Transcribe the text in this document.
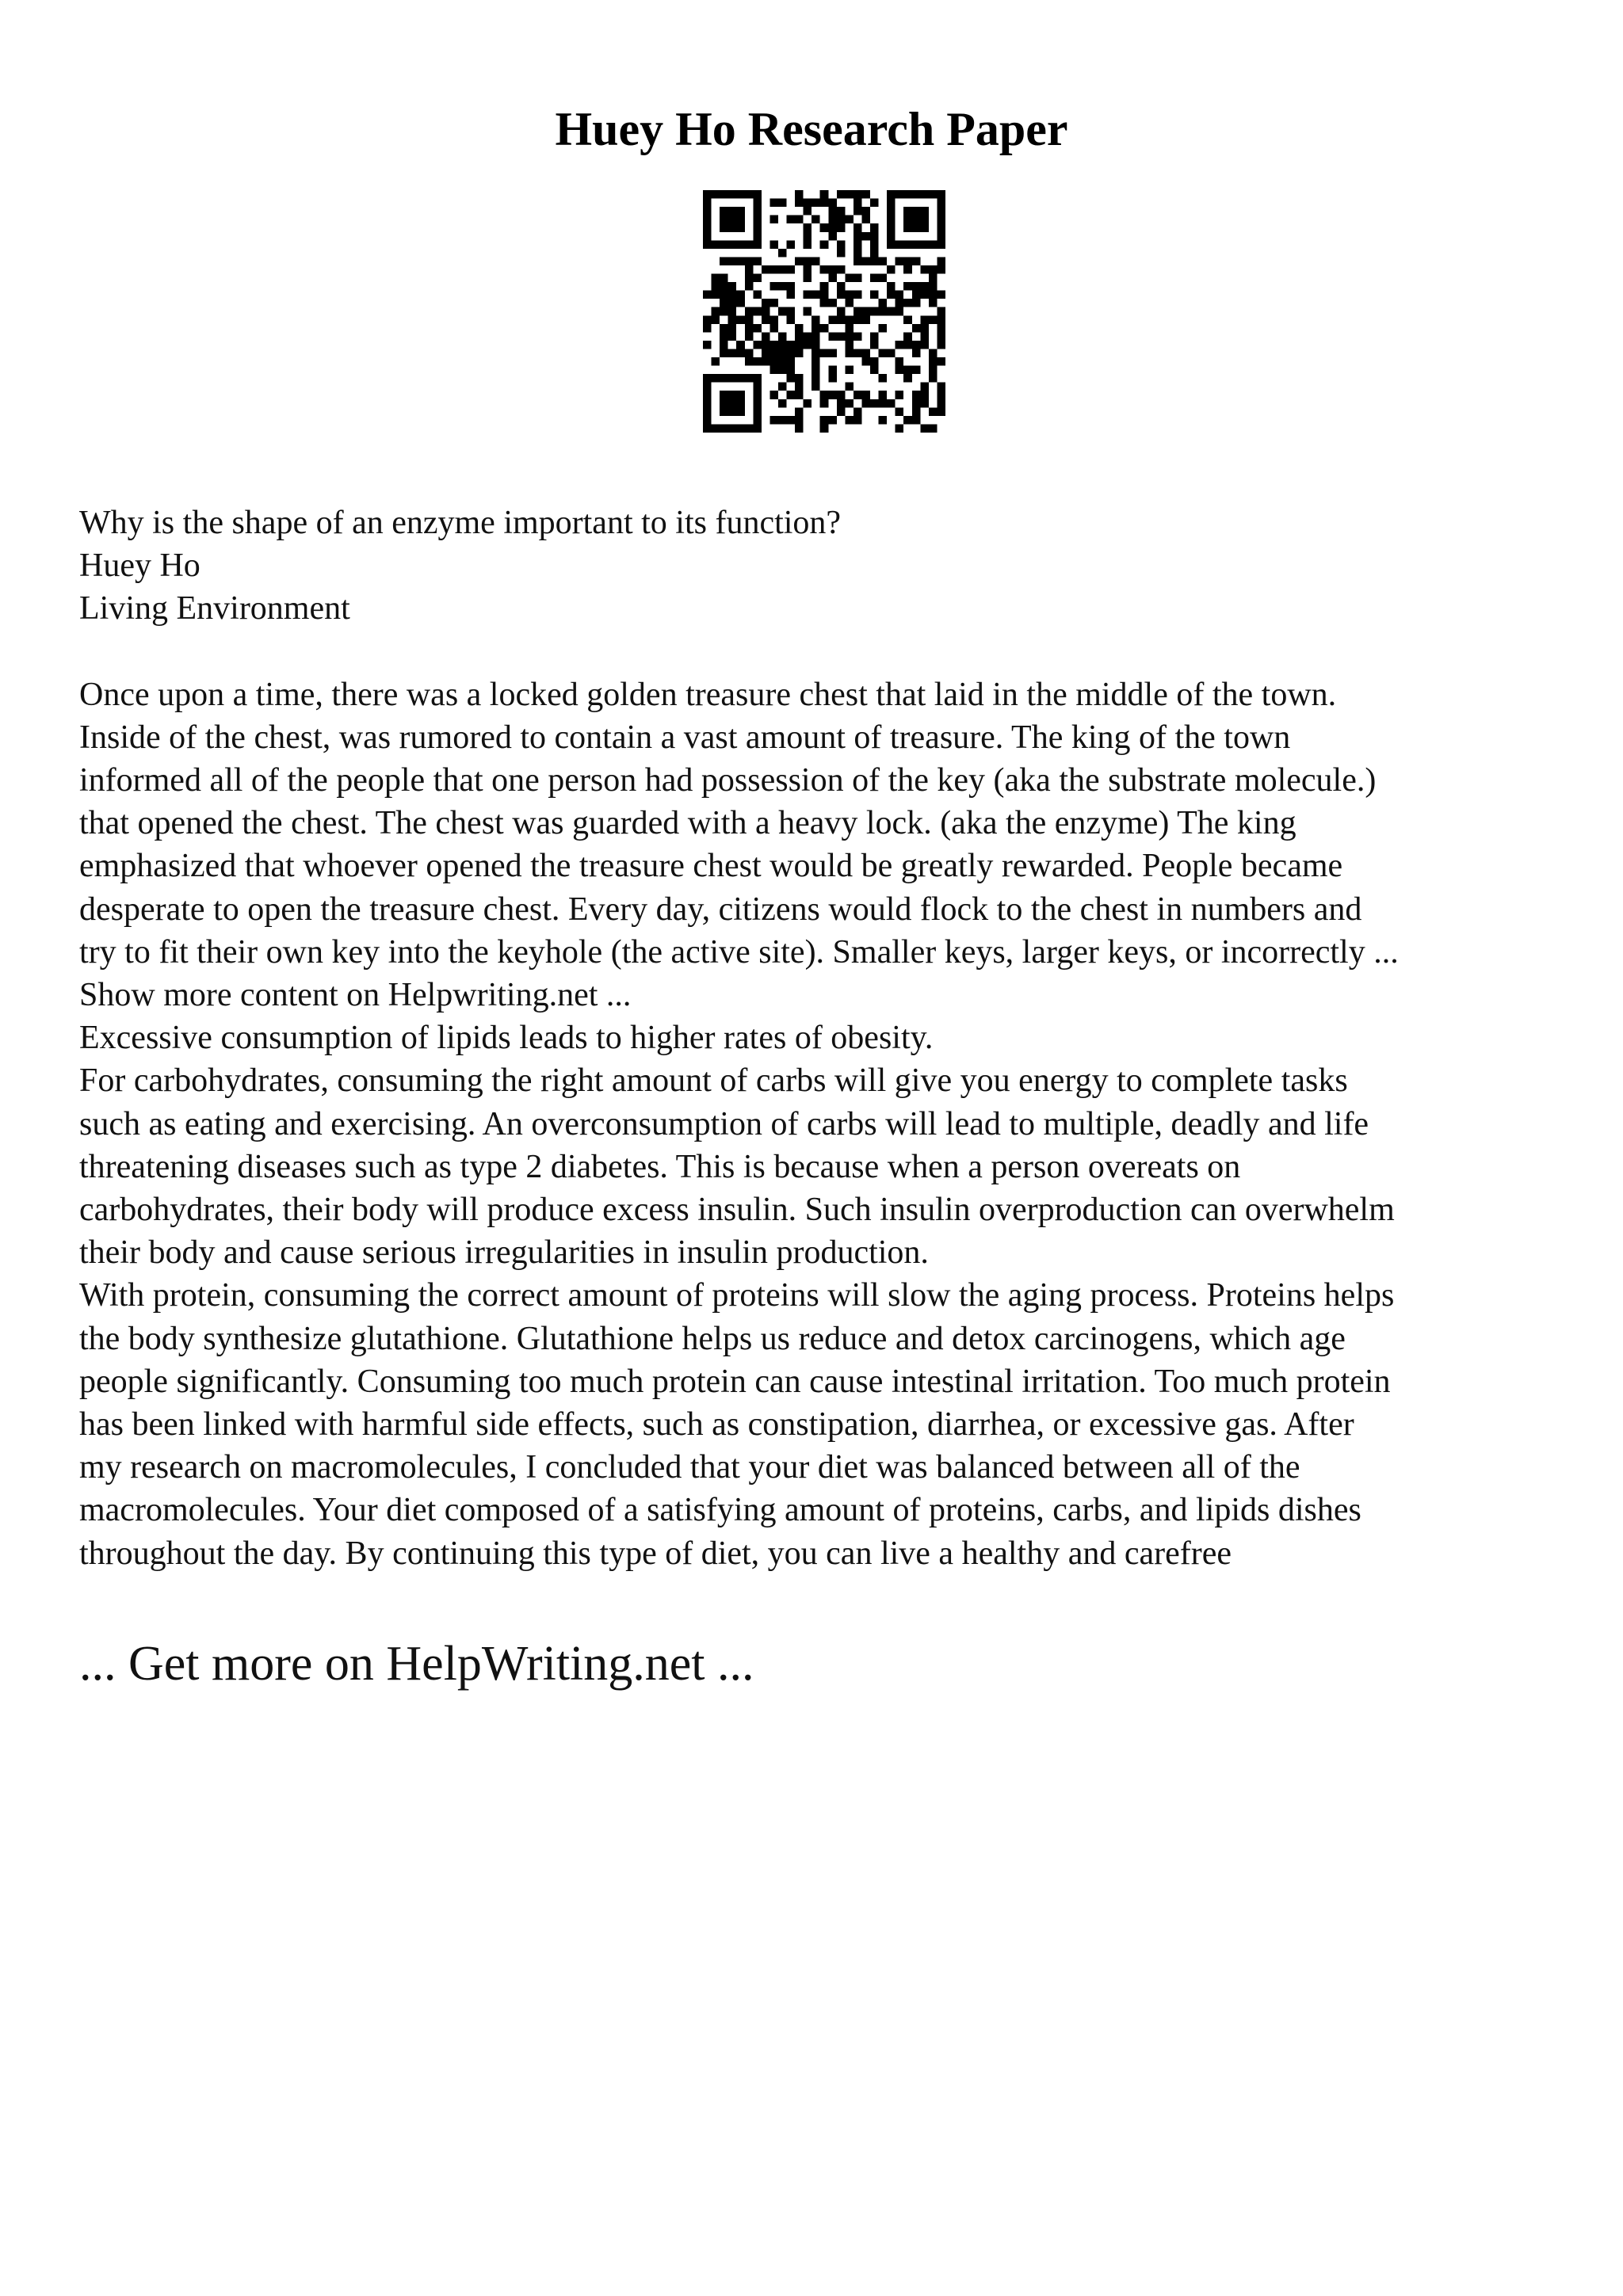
Huey Ho Research Paper
Why is the shape of an enzyme important to its function?
Huey Ho
Living Environment
Once upon a time, there was a locked golden treasure chest that laid in the middle of the town.
Inside of the chest, was rumored to contain a vast amount of treasure. The king of the town
informed all of the people that one person had possession of the key (aka the substrate molecule.)
that opened the chest. The chest was guarded with a heavy lock. (aka the enzyme) The king
emphasized that whoever opened the treasure chest would be greatly rewarded. People became
desperate to open the treasure chest. Every day, citizens would flock to the chest in numbers and
try to fit their own key into the keyhole (the active site). Smaller keys, larger keys, or incorrectly ...
Show more content on Helpwriting.net ...
Excessive consumption of lipids leads to higher rates of obesity.
For carbohydrates, consuming the right amount of carbs will give you energy to complete tasks
such as eating and exercising. An overconsumption of carbs will lead to multiple, deadly and life
threatening diseases such as type 2 diabetes. This is because when a person overeats on
carbohydrates, their body will produce excess insulin. Such insulin overproduction can overwhelm
their body and cause serious irregularities in insulin production.
With protein, consuming the correct amount of proteins will slow the aging process. Proteins helps
the body synthesize glutathione. Glutathione helps us reduce and detox carcinogens, which age
people significantly. Consuming too much protein can cause intestinal irritation. Too much protein
has been linked with harmful side effects, such as constipation, diarrhea, or excessive gas. After
my research on macromolecules, I concluded that your diet was balanced between all of the
macromolecules. Your diet composed of a satisfying amount of proteins, carbs, and lipids dishes
throughout the day. By continuing this type of diet, you can live a healthy and carefree
... Get more on HelpWriting.net ...
